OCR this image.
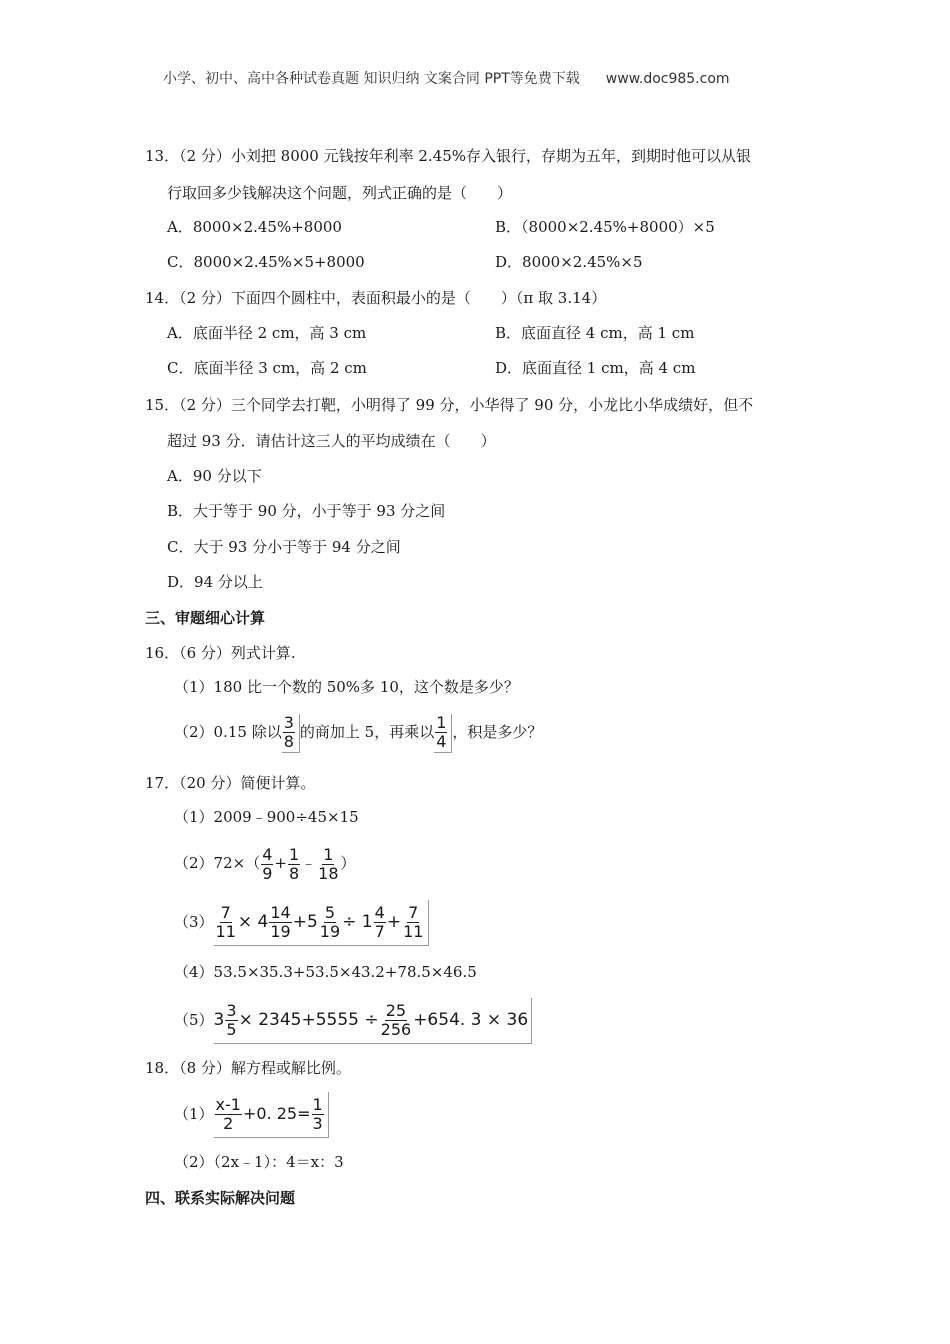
小学、初中、高中各种试卷真题 知识归纳 文案合同 PPT等免费下载 www.doc985.com
13．（2 分）小刘把 8000 元钱按年利率 2.45%存入银行，存期为五年，到期时他可以从银
行取回多少钱解决这个问题，列式正确的是（　　）
A．8000×2.45%+8000	B．（8000×2.45%+8000）×5
C．8000×2.45%×5+8000	D．8000×2.45%×5
14．（2 分）下面四个圆柱中，表面积最小的是（　　）（π 取 3.14）
A．底面半径 2 cm，高 3 cm	B．底面直径 4 cm，高 1 cm
C．底面半径 3 cm，高 2 cm	D．底面直径 1 cm，高 4 cm
15．（2 分）三个同学去打靶，小明得了 99 分，小华得了 90 分，小龙比小华成绩好，但不
超过 93 分．请估计这三人的平均成绩在（　　）
A．90 分以下
B．大于等于 90 分，小于等于 93 分之间
C．大于 93 分小于等于 94 分之间
D．94 分以上
三、审题细心计算
16．（6 分）列式计算.
（1）180 比一个数的 50%多 10，这个数是多少？
（2）0.15 除以 $\frac{3}{8}$ 的商加上 5，再乘以 $\frac{1}{4}$ ，积是多少？
17．（20 分）简便计算。
（1）2009﹣900÷45×15
$(2)72\times( \frac{4}{9} + \frac{1}{8}$ ﹣ $\frac{1}{18}$ ）
$(3) \frac{7}{11} \times 4 \frac{14}{19} +5 \frac{5}{19} \div 1 \frac{4}{7} + \frac{7}{11}$
（4）53.5×35.3+53.5×43.2+78.5×46.5
（5） $3 \frac{3}{5} \times 2345+5555 \div \frac{25}{256} +654$. 3 × 36
18．（8 分）解方程或解比例。
$(1) \frac{x-1}{2} +0$. $25= \frac{1}{3}$
（2）（2x﹣1）：4＝x：3
四、联系实际解决问题
